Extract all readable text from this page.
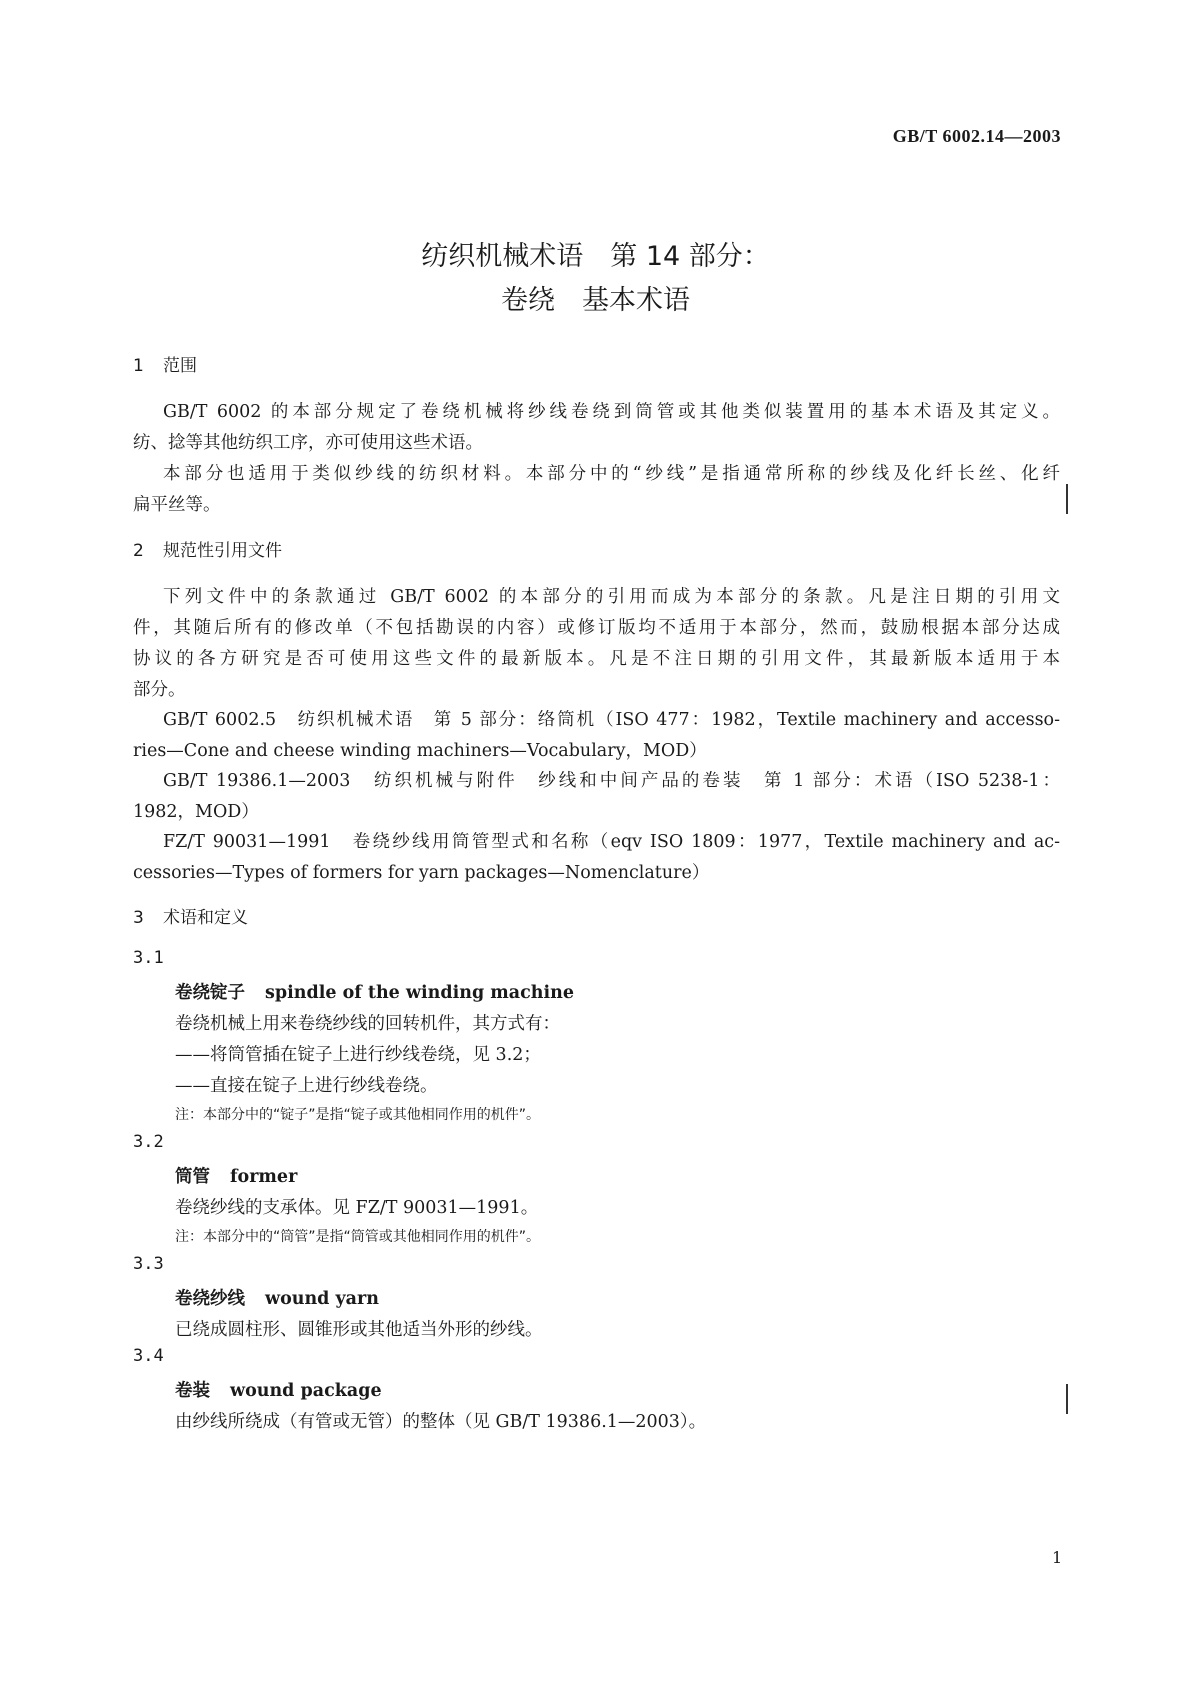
GB/T 6002.14—2003
纺织机械术语　第 14 部分：
卷绕　基本术语
1 范围
GB/T 6002 的本部分规定了卷绕机械将纱线卷绕到筒管或其他类似装置用的基本术语及其定义。
纺、捻等其他纺织工序，亦可使用这些术语。
本部分也适用于类似纱线的纺织材料。本部分中的“纱线”是指通常所称的纱线及化纤长丝、化纤
扁平丝等。
2 规范性引用文件
下列文件中的条款通过 GB/T 6002 的本部分的引用而成为本部分的条款。凡是注日期的引用文
件，其随后所有的修改单（不包括勘误的内容）或修订版均不适用于本部分，然而，鼓励根据本部分达成
协议的各方研究是否可使用这些文件的最新版本。凡是不注日期的引用文件，其最新版本适用于本
部分。
GB/T 6002.5　纺织机械术语　第 5 部分：络筒机（ISO 477：1982，Textile machinery and accesso-
ries—Cone and cheese winding machiners—Vocabulary，MOD）
GB/T 19386.1—2003　纺织机械与附件　纱线和中间产品的卷装　第 1 部分：术语（ISO 5238-1：
1982，MOD）
FZ/T 90031—1991　卷绕纱线用筒管型式和名称（eqv ISO 1809：1977，Textile machinery and ac-
cessories—Types of formers for yarn packages—Nomenclature）
3 术语和定义
3.1
卷绕锭子 spindle of the winding machine
卷绕机械上用来卷绕纱线的回转机件，其方式有：
——将筒管插在锭子上进行纱线卷绕，见 3.2；
——直接在锭子上进行纱线卷绕。
注：本部分中的“锭子”是指“锭子或其他相同作用的机件”。
3.2
筒管 former
卷绕纱线的支承体。见 FZ/T 90031—1991。
注：本部分中的“筒管”是指“筒管或其他相同作用的机件”。
3.3
卷绕纱线 wound yarn
已绕成圆柱形、圆锥形或其他适当外形的纱线。
3.4
卷装 wound package
由纱线所绕成（有管或无管）的整体（见 GB/T 19386.1—2003）。
1
